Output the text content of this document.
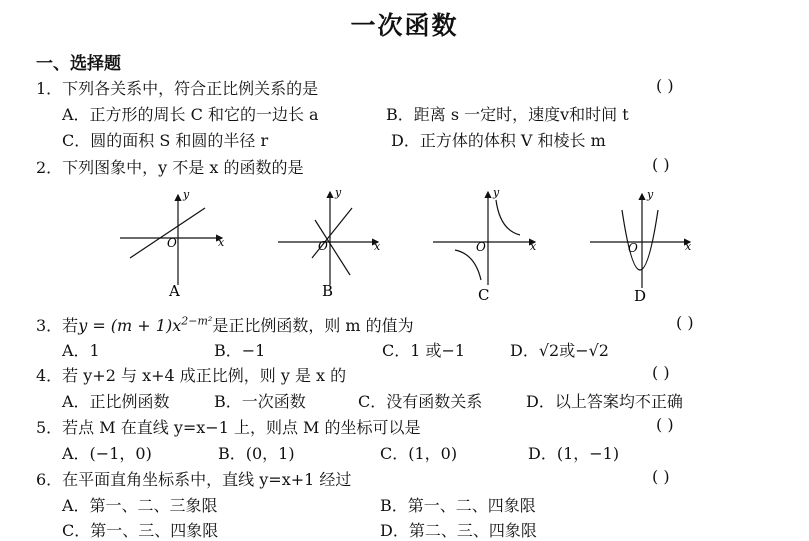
一次函数
一、选择题
1．下列各关系中，符合正比例关系的是	( )
A．正方形的周长 C 和它的一边长 a	B．距离 s 一定时，速度v和时间 t
C．圆的面积 S 和圆的半径 r	D．正方体的体积 V 和棱长 m
2．下列图象中，y 不是 x 的函数的是	( )
O	x
y
A
O	x
y
B
O	x
y
C
O	x
y
D
3．若$y = (m + 1)x^{2-m^2}$是正比例函数，则 m 的值为	( )
A．1	B．−1	C．1 或−1	D．√2或−√2
4．若 y+2 与 x+4 成正比例，则 y 是 x 的	( )
A．正比例函数	B．一次函数	C．没有函数关系	D．以上答案均不正确
5．若点 M 在直线 y=x−1 上，则点 M 的坐标可以是	( )
A．(−1，0)	B．(0，1)	C．(1，0)	D．(1，−1)
6．在平面直角坐标系中，直线 y=x+1 经过	( )
A．第一、二、三象限	B．第一、二、四象限
C．第一、三、四象限	D．第二、三、四象限
